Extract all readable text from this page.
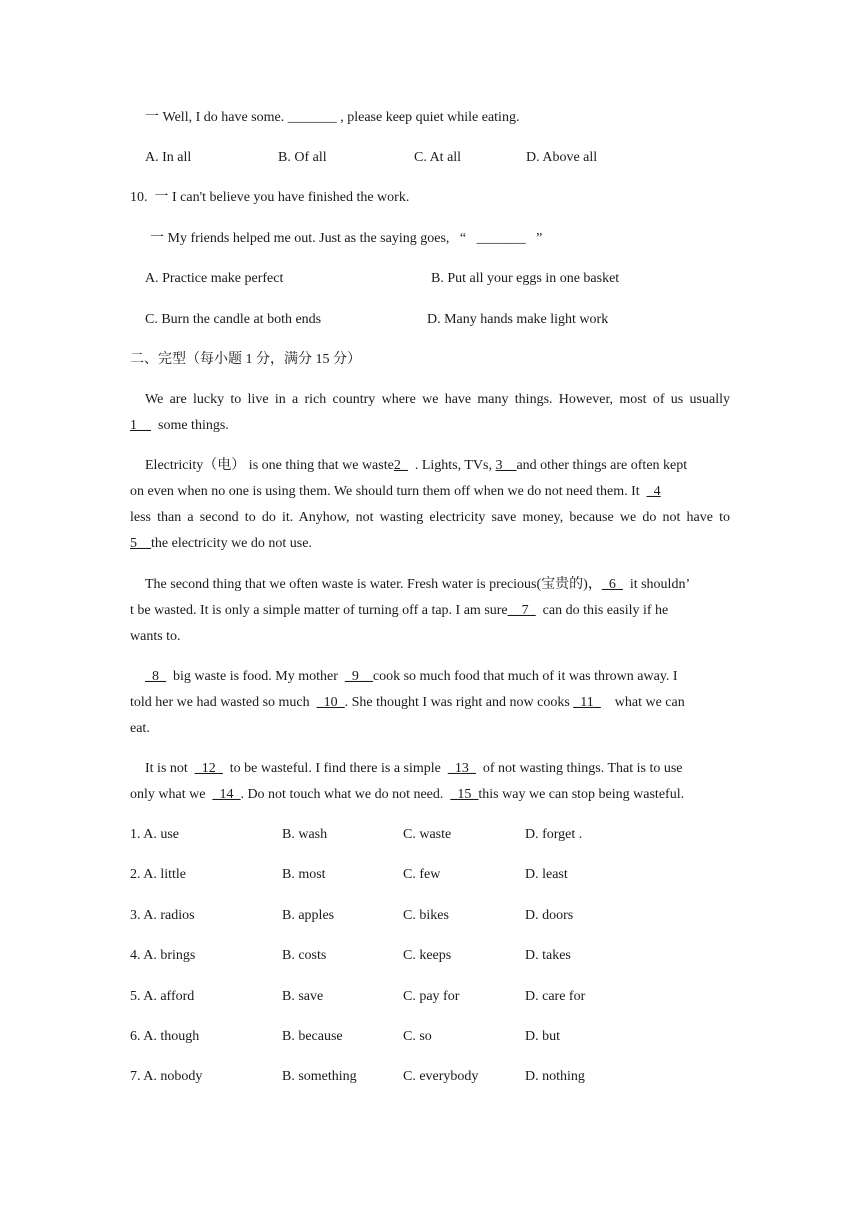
一 Well, I do have some. _______ , please keep quiet while eating.
A. In all	B. Of all	C. At all	D. Above all
10.  一 I can't believe you have finished the work.
一 My friends helped me out. Just as the saying goes,   “   _______   ”
A. Practice make perfect	B. Put all your eggs in one basket
C. Burn the candle at both ends	D. Many hands make light work
二、完型（每小题 1 分，满分 15 分）
We are lucky to live in a rich country where we have many things. However, most of us usually
1__  some things.
Electricity（电） is one thing that we waste2_  . Lights, TVs, 3__and other things are often kept
on even when no one is using them. We should turn them off when we do not need them. It  _4
less than a second to do it. Anyhow, not wasting electricity save money, because we do not have to
5__the electricity we do not use.
The second thing that we often waste is water. Fresh water is precious(宝贵的)，_6_  it shouldn’
t be wasted. It is only a simple matter of turning off a tap. I am sure__7_  can do this easily if he
wants to.
_8_  big waste is food. My mother  _9__cook so much food that much of it was thrown away. I
told her we had wasted so much  _10_. She thought I was right and now cooks _11_    what we can
eat.
It is not  _12_  to be wasteful. I find there is a simple  _13_  of not wasting things. That is to use
only what we  _14_. Do not touch what we do not need.  _15_this way we can stop being wasteful.
1. A. use	B. wash	C. waste	D. forget .
2. A. little	B. most	C. few	D. least
3. A. radios	B. apples	C. bikes	D. doors
4. A. brings	B. costs	C. keeps	D. takes
5. A. afford	B. save	C. pay for	D. care for
6. A. though	B. because	C. so	D. but
7. A. nobody	B. something	C. everybody	D. nothing
